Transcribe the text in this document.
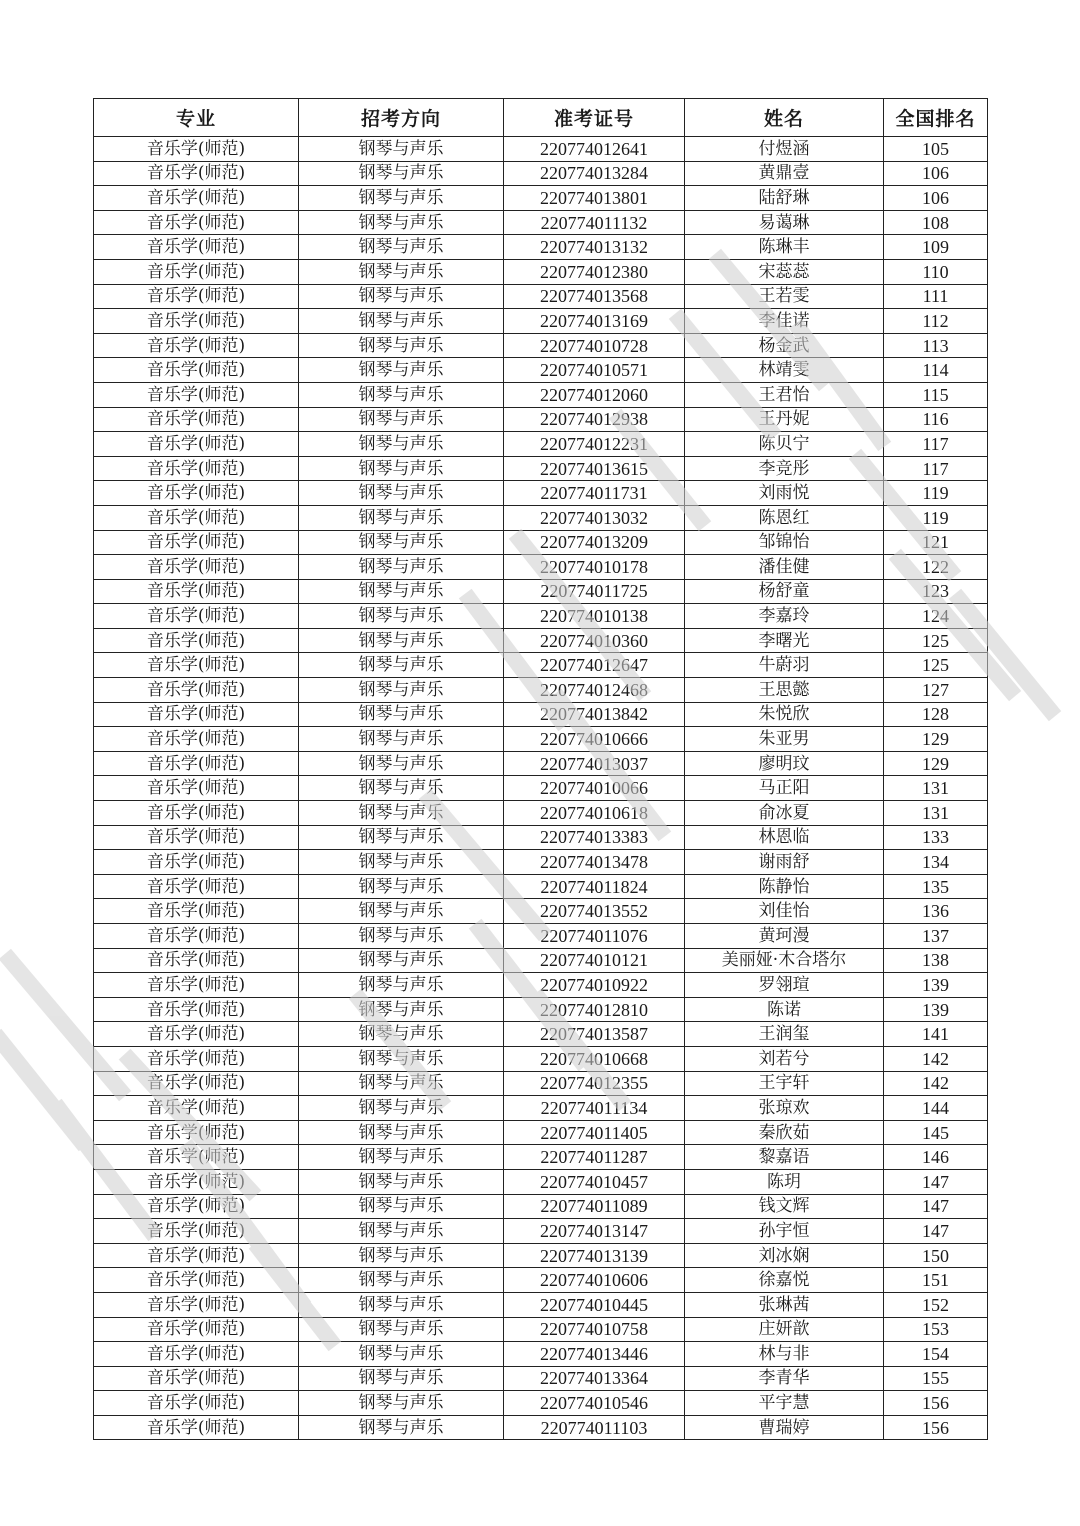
专业	招考方向	准考证号	姓名	全国排名
音乐学(师范)	钢琴与声乐	220774012641	付煜涵	105
音乐学(师范)	钢琴与声乐	220774013284	黄鼎壹	106
音乐学(师范)	钢琴与声乐	220774013801	陆舒琳	106
音乐学(师范)	钢琴与声乐	220774011132	易蔼琳	108
音乐学(师范)	钢琴与声乐	220774013132	陈琳丰	109
音乐学(师范)	钢琴与声乐	220774012380	宋蕊蕊	110
音乐学(师范)	钢琴与声乐	220774013568	王若雯	111
音乐学(师范)	钢琴与声乐	220774013169	李佳诺	112
音乐学(师范)	钢琴与声乐	220774010728	杨金武	113
音乐学(师范)	钢琴与声乐	220774010571	林靖雯	114
音乐学(师范)	钢琴与声乐	220774012060	王君怡	115
音乐学(师范)	钢琴与声乐	220774012938	王丹妮	116
音乐学(师范)	钢琴与声乐	220774012231	陈贝宁	117
音乐学(师范)	钢琴与声乐	220774013615	李竞彤	117
音乐学(师范)	钢琴与声乐	220774011731	刘雨悦	119
音乐学(师范)	钢琴与声乐	220774013032	陈恩红	119
音乐学(师范)	钢琴与声乐	220774013209	邹锦怡	121
音乐学(师范)	钢琴与声乐	220774010178	潘佳健	122
音乐学(师范)	钢琴与声乐	220774011725	杨舒童	123
音乐学(师范)	钢琴与声乐	220774010138	李嘉玲	124
音乐学(师范)	钢琴与声乐	220774010360	李曙光	125
音乐学(师范)	钢琴与声乐	220774012647	牛蔚羽	125
音乐学(师范)	钢琴与声乐	220774012468	王思懿	127
音乐学(师范)	钢琴与声乐	220774013842	朱悦欣	128
音乐学(师范)	钢琴与声乐	220774010666	朱亚男	129
音乐学(师范)	钢琴与声乐	220774013037	廖明玟	129
音乐学(师范)	钢琴与声乐	220774010066	马正阳	131
音乐学(师范)	钢琴与声乐	220774010618	俞冰夏	131
音乐学(师范)	钢琴与声乐	220774013383	林恩临	133
音乐学(师范)	钢琴与声乐	220774013478	谢雨舒	134
音乐学(师范)	钢琴与声乐	220774011824	陈静怡	135
音乐学(师范)	钢琴与声乐	220774013552	刘佳怡	136
音乐学(师范)	钢琴与声乐	220774011076	黄珂漫	137
音乐学(师范)	钢琴与声乐	220774010121	美丽娅·木合塔尔	138
音乐学(师范)	钢琴与声乐	220774010922	罗翎瑄	139
音乐学(师范)	钢琴与声乐	220774012810	陈诺	139
音乐学(师范)	钢琴与声乐	220774013587	王润玺	141
音乐学(师范)	钢琴与声乐	220774010668	刘若兮	142
音乐学(师范)	钢琴与声乐	220774012355	王宇轩	142
音乐学(师范)	钢琴与声乐	220774011134	张琼欢	144
音乐学(师范)	钢琴与声乐	220774011405	秦欣茹	145
音乐学(师范)	钢琴与声乐	220774011287	黎嘉语	146
音乐学(师范)	钢琴与声乐	220774010457	陈玥	147
音乐学(师范)	钢琴与声乐	220774011089	钱文辉	147
音乐学(师范)	钢琴与声乐	220774013147	孙宇恒	147
音乐学(师范)	钢琴与声乐	220774013139	刘冰娴	150
音乐学(师范)	钢琴与声乐	220774010606	徐嘉悦	151
音乐学(师范)	钢琴与声乐	220774010445	张琳茜	152
音乐学(师范)	钢琴与声乐	220774010758	庄妍歆	153
音乐学(师范)	钢琴与声乐	220774013446	林与非	154
音乐学(师范)	钢琴与声乐	220774013364	李青华	155
音乐学(师范)	钢琴与声乐	220774010546	平宇慧	156
音乐学(师范)	钢琴与声乐	220774011103	曹瑞婷	156
